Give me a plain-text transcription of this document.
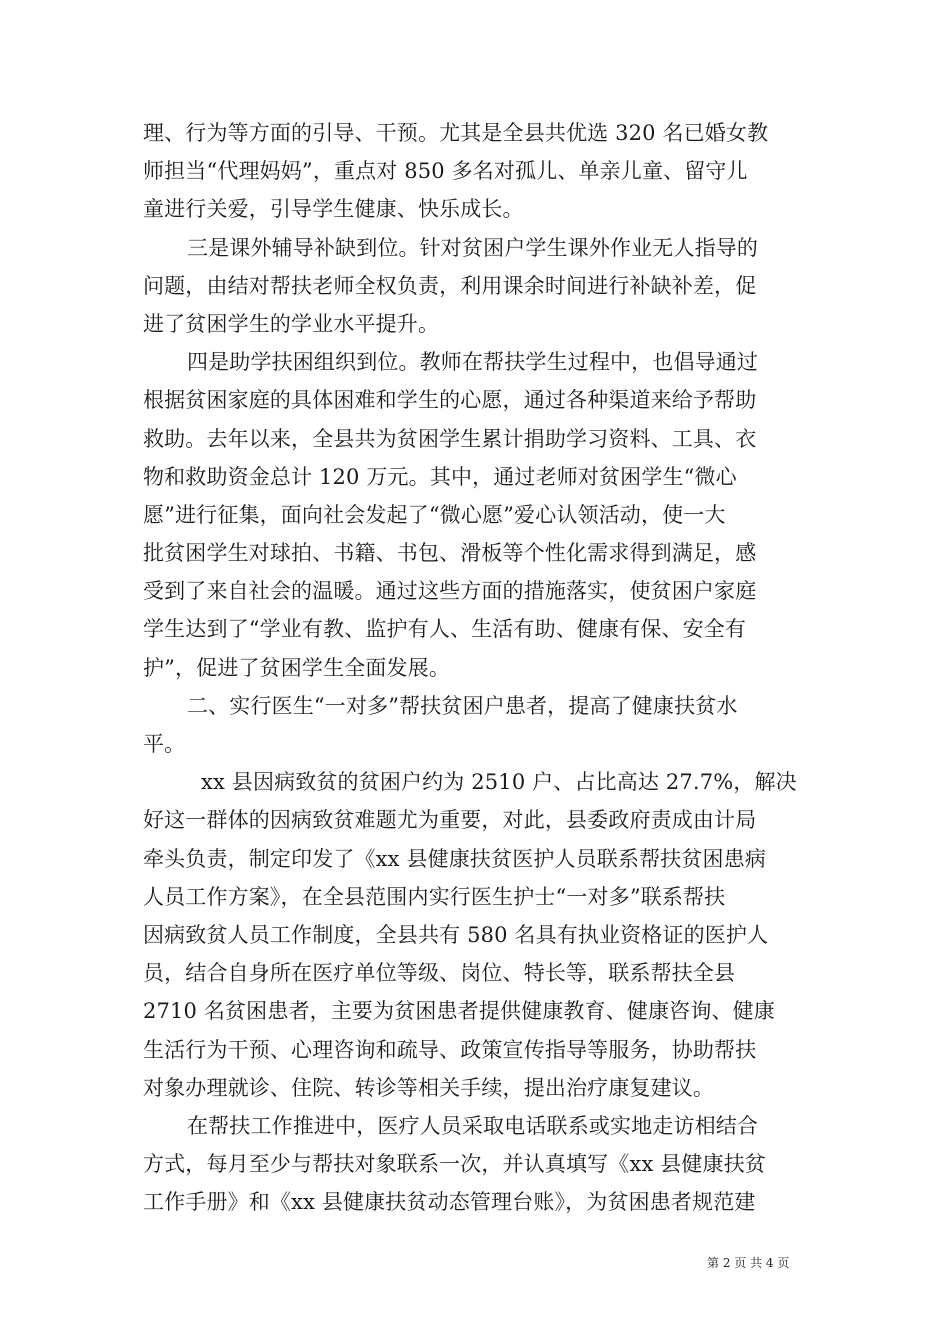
理、行为等方面的引导、干预。尤其是全县共优选 320 名已婚女教
师担当“代理妈妈”，重点对 850 多名对孤儿、单亲儿童、留守儿
童进行关爱，引导学生健康、快乐成长。
三是课外辅导补缺到位。针对贫困户学生课外作业无人指导的
问题，由结对帮扶老师全权负责，利用课余时间进行补缺补差，促
进了贫困学生的学业水平提升。
四是助学扶困组织到位。教师在帮扶学生过程中，也倡导通过
根据贫困家庭的具体困难和学生的心愿，通过各种渠道来给予帮助
救助。去年以来，全县共为贫困学生累计捐助学习资料、工具、衣
物和救助资金总计 120 万元。其中，通过老师对贫困学生“微心
愿”进行征集，面向社会发起了“微心愿”爱心认领活动，使一大
批贫困学生对球拍、书籍、书包、滑板等个性化需求得到满足，感
受到了来自社会的温暖。通过这些方面的措施落实，使贫困户家庭
学生达到了“学业有教、监护有人、生活有助、健康有保、安全有
护”，促进了贫困学生全面发展。
二、实行医生“一对多”帮扶贫困户患者，提高了健康扶贫水
平。
xx 县因病致贫的贫困户约为 2510 户、占比高达 27.7%，解决
好这一群体的因病致贫难题尤为重要，对此，县委政府责成由计局
牵头负责，制定印发了《xx 县健康扶贫医护人员联系帮扶贫困患病
人员工作方案》，在全县范围内实行医生护士“一对多”联系帮扶
因病致贫人员工作制度，全县共有 580 名具有执业资格证的医护人
员，结合自身所在医疗单位等级、岗位、特长等，联系帮扶全县
2710 名贫困患者，主要为贫困患者提供健康教育、健康咨询、健康
生活行为干预、心理咨询和疏导、政策宣传指导等服务，协助帮扶
对象办理就诊、住院、转诊等相关手续，提出治疗康复建议。
在帮扶工作推进中，医疗人员采取电话联系或实地走访相结合
方式，每月至少与帮扶对象联系一次，并认真填写《xx 县健康扶贫
工作手册》和《xx 县健康扶贫动态管理台账》，为贫困患者规范建
第 2 页 共 4 页
